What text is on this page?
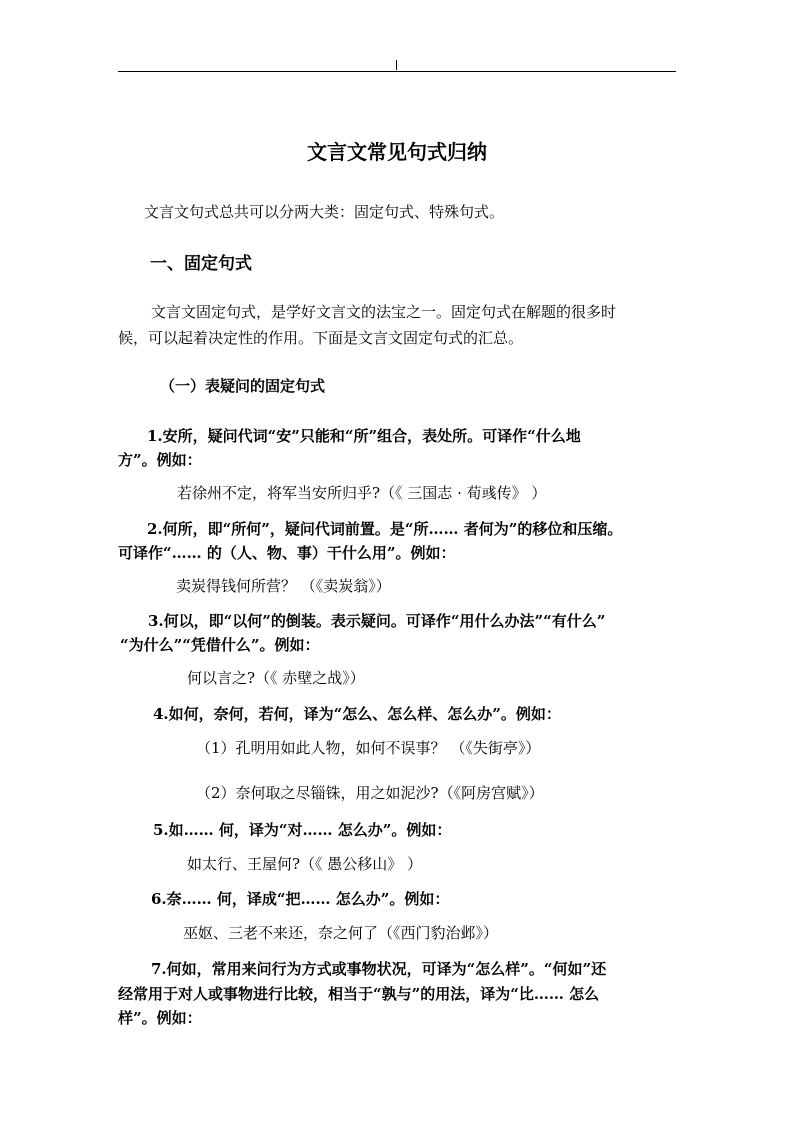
文言文常见句式归纳
文言文句式总共可以分两大类：固定句式、特殊句式。
一、固定句式
文言文固定句式，是学好文言文的法宝之一。固定句式在解题的很多时
候，可以起着决定性的作用。下面是文言文固定句式的汇总。
（一）表疑问的固定句式
1.安所，疑问代词“安”只能和“所”组合，表处所。可译作“什么地
方”。例如：
若徐州不定，将军当安所归乎?（《 三国志 · 荀彧传》 ）
2.何所，即“所何”，疑问代词前置。是“所…… 者何为”的移位和压缩。
可译作“…… 的（人、物、事）干什么用”。例如：
卖炭得钱何所营？ （《卖炭翁》）
3.何以，即“以何”的倒装。表示疑问。可译作“用什么办法”“有什么”
“为什么”“凭借什么”。例如：
何以言之?（《 赤壁之战》）
4.如何，奈何，若何，译为“怎么、怎么样、怎么办”。例如：
（1）孔明用如此人物，如何不误事？ （《失街亭》）
（2）奈何取之尽锱铢，用之如泥沙?（《阿房宫赋》）
5.如…… 何，译为“对…… 怎么办”。例如：
如太行、王屋何?（《 愚公移山》 ）
6.奈…… 何，译成“把…… 怎么办”。例如：
巫妪、三老不来还，奈之何了（《西门豹治邺》）
7.何如，常用来问行为方式或事物状况，可译为“怎么样”。“何如”还
经常用于对人或事物进行比较，相当于“孰与”的用法，译为“比…… 怎么
样”。例如：
